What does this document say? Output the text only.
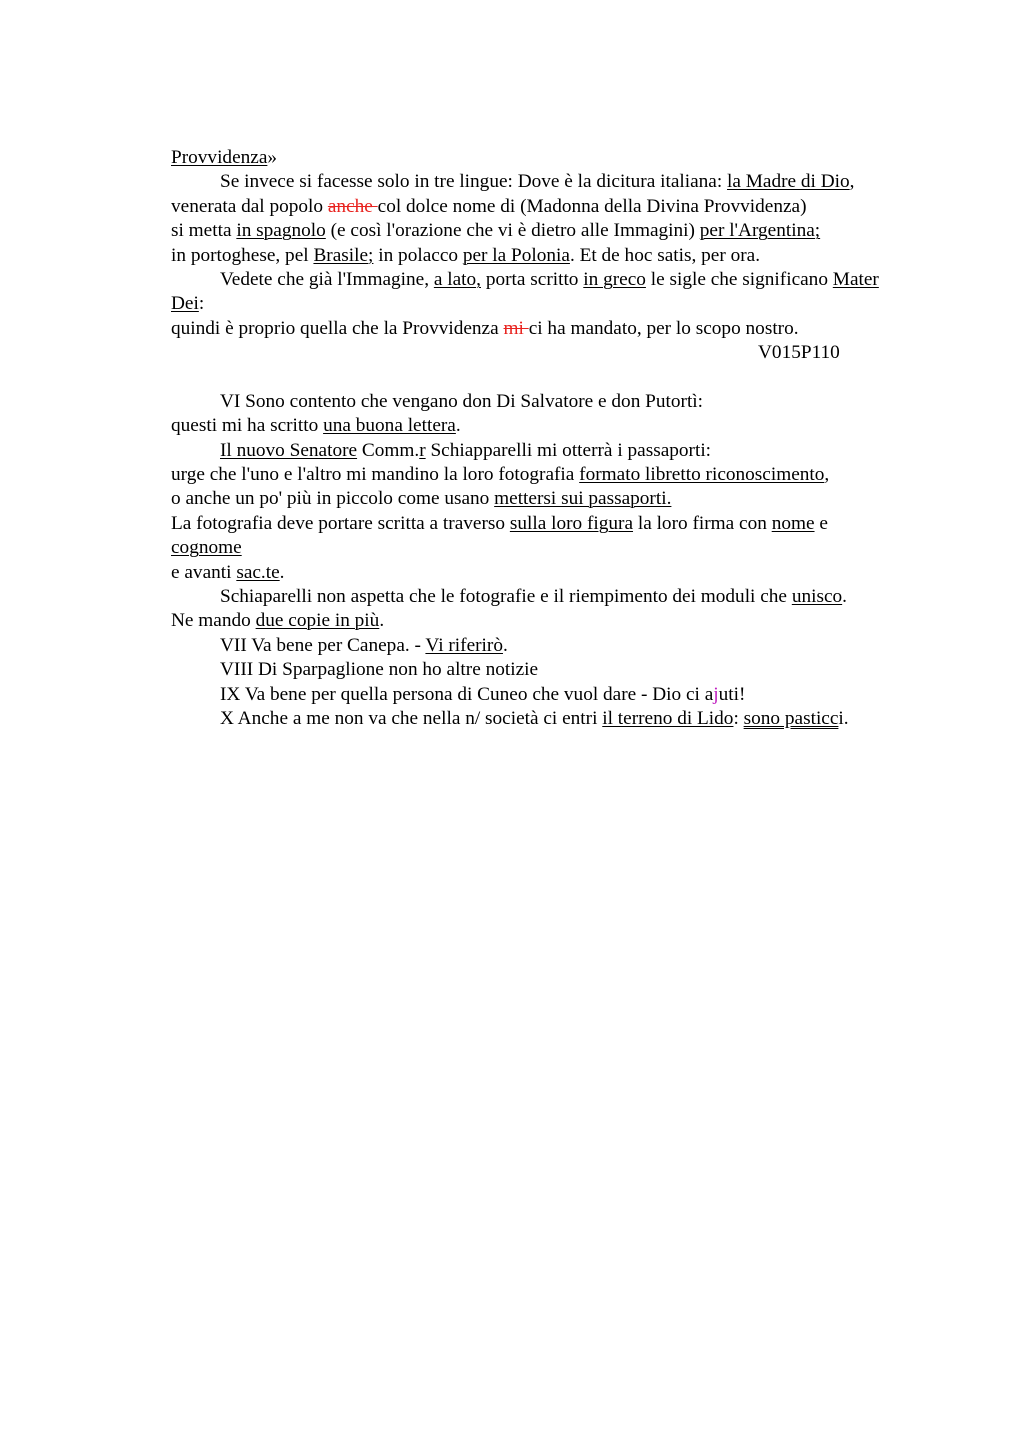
Provvidenza»
Se invece si facesse solo in tre lingue: Dove è la dicitura italiana: la Madre di Dio,
venerata dal popolo anche col dolce nome di (Madonna della Divina Provvidenza)
si metta in spagnolo (e così l'orazione che vi è dietro alle Immagini) per l'Argentina;
in portoghese, pel Brasile; in polacco per la Polonia. Et de hoc satis, per ora.
Vedete che già l'Immagine, a lato, porta scritto in greco le sigle che significano Mater
Dei:
quindi è proprio quella che la Provvidenza mi ci ha mandato, per lo scopo nostro.
V015P110
VI Sono contento che vengano don Di Salvatore e don Putortì:
questi mi ha scritto una buona lettera.
Il nuovo Senatore Comm.r Schiapparelli mi otterrà i passaporti:
urge che l'uno e l'altro mi mandino la loro fotografia formato libretto riconoscimento,
o anche un po' più in piccolo come usano mettersi sui passaporti.
La fotografia deve portare scritta a traverso sulla loro figura la loro firma con nome e
cognome
e avanti sac.te.
Schiaparelli non aspetta che le fotografie e il riempimento dei moduli che unisco.
Ne mando due copie in più.
VII Va bene per Canepa. - Vi riferirò.
VIII Di Sparpaglione non ho altre notizie
IX Va bene per quella persona di Cuneo che vuol dare - Dio ci ajuti!
X Anche a me non va che nella n/ società ci entri il terreno di Lido: sono pasticci.
